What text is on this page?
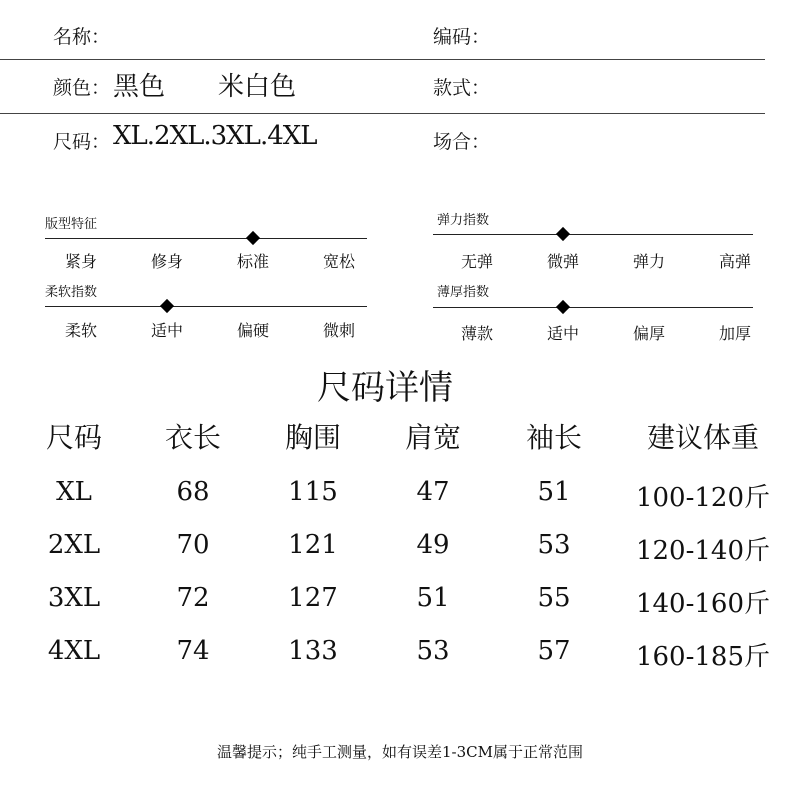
名称：	编码：
颜色： 黑色 米白色	款式：
尺码： XL.2XL.3XL.4XL	场合：
版型特征
紧身	修身	标准	宽松
弹力指数
无弹	微弹	弹力	高弹
柔软指数
柔软	适中	偏硬	微刺
薄厚指数
薄款	适中	偏厚	加厚
尺码详情
尺码 衣长 胸围 肩宽 袖长 建议体重
XL	68	115	47	51	100-120斤
2XL	70	121	49	53	120-140斤
3XL	72	127	51	55	140-160斤
4XL	74	133	53	57	160-185斤
温馨提示；纯手工测量，如有误差1-3CM属于正常范围
